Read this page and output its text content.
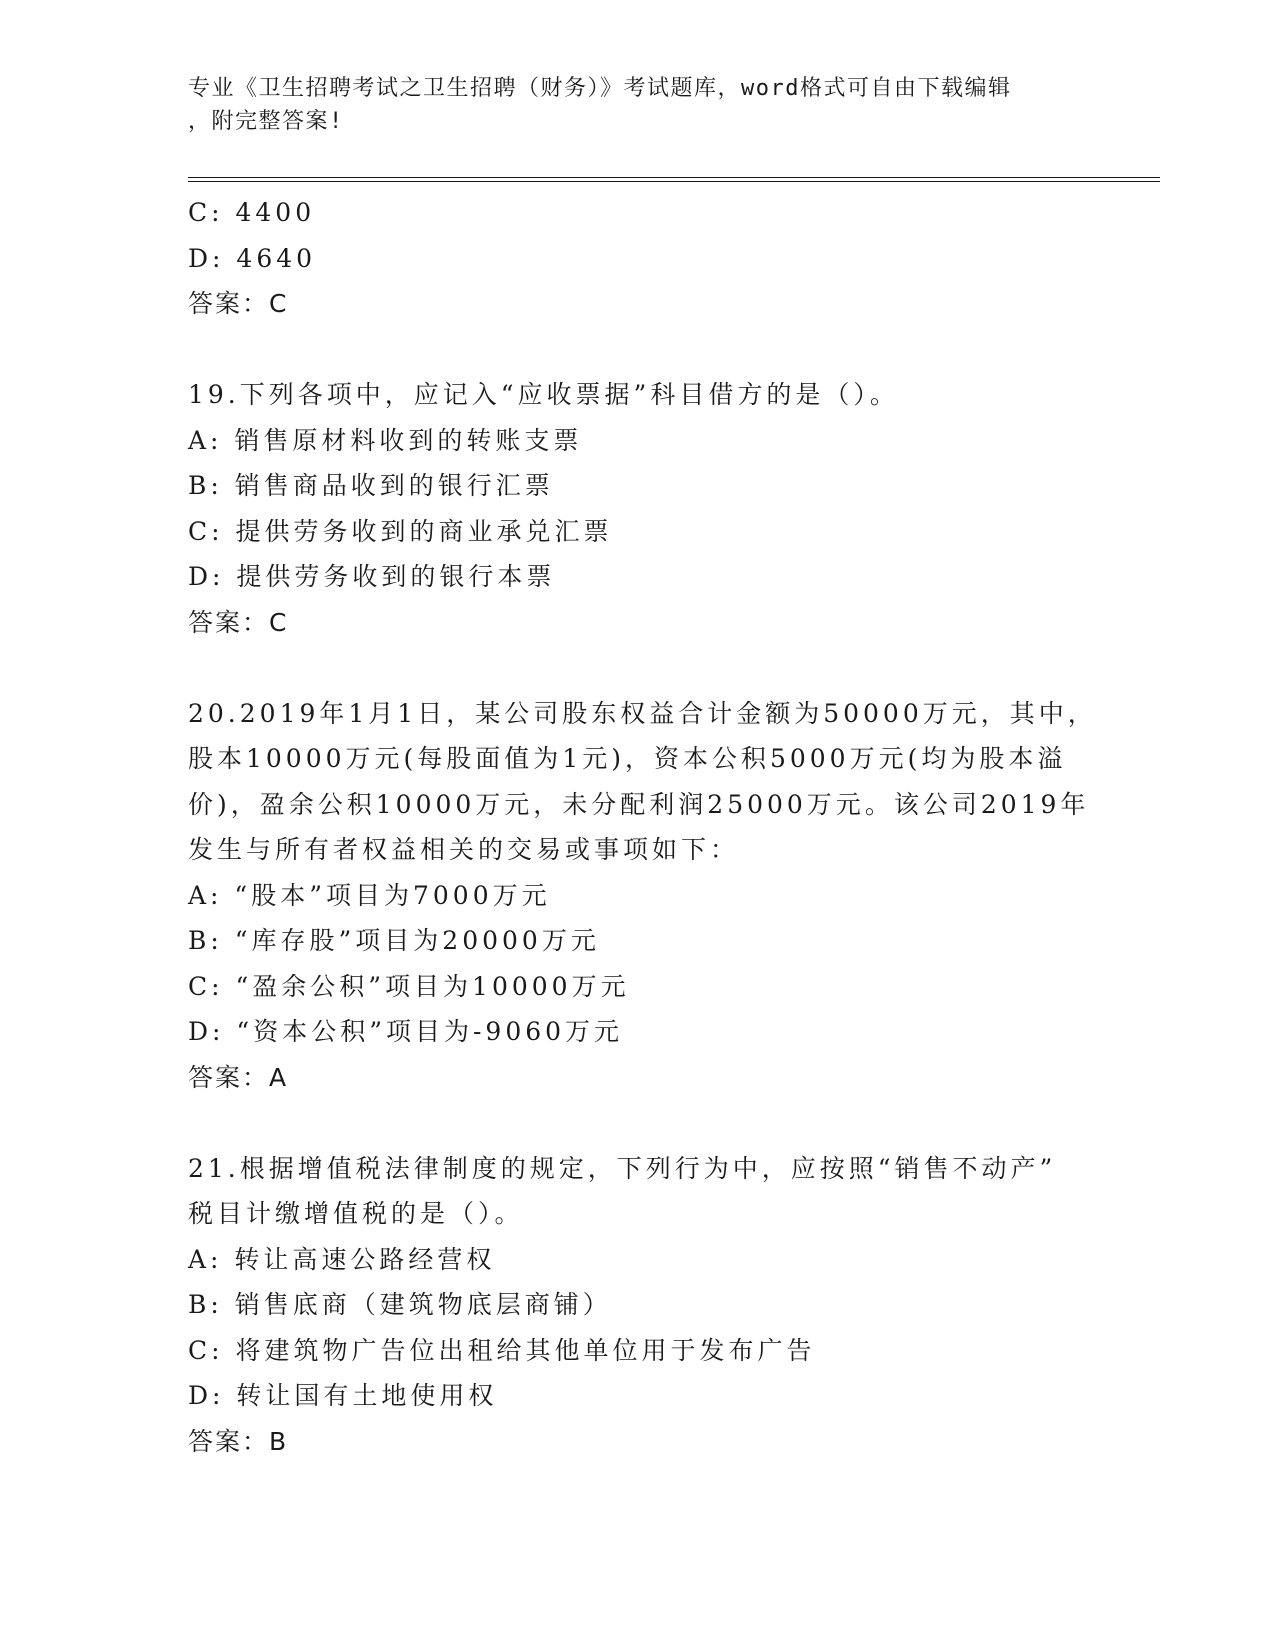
专业《卫生招聘考试之卫生招聘（财务）》考试题库，word格式可自由下载编辑
，附完整答案!
C: 4400
D: 4640
答案：C
19.下列各项中，应记入“应收票据”科目借方的是（）。
A: 销售原材料收到的转账支票
B: 销售商品收到的银行汇票
C: 提供劳务收到的商业承兑汇票
D: 提供劳务收到的银行本票
答案：C
20.2019年1月1日，某公司股东权益合计金额为50000万元，其中，
股本10000万元(每股面值为1元)，资本公积5000万元(均为股本溢
价)，盈余公积10000万元，未分配利润25000万元。该公司2019年
发生与所有者权益相关的交易或事项如下：
A: “股本”项目为7000万元
B: “库存股”项目为20000万元
C: “盈余公积”项目为10000万元
D: “资本公积”项目为-9060万元
答案：A
21.根据增值税法律制度的规定，下列行为中，应按照“销售不动产”
税目计缴增值税的是（）。
A: 转让高速公路经营权
B: 销售底商（建筑物底层商铺）
C: 将建筑物广告位出租给其他单位用于发布广告
D: 转让国有土地使用权
答案：B
